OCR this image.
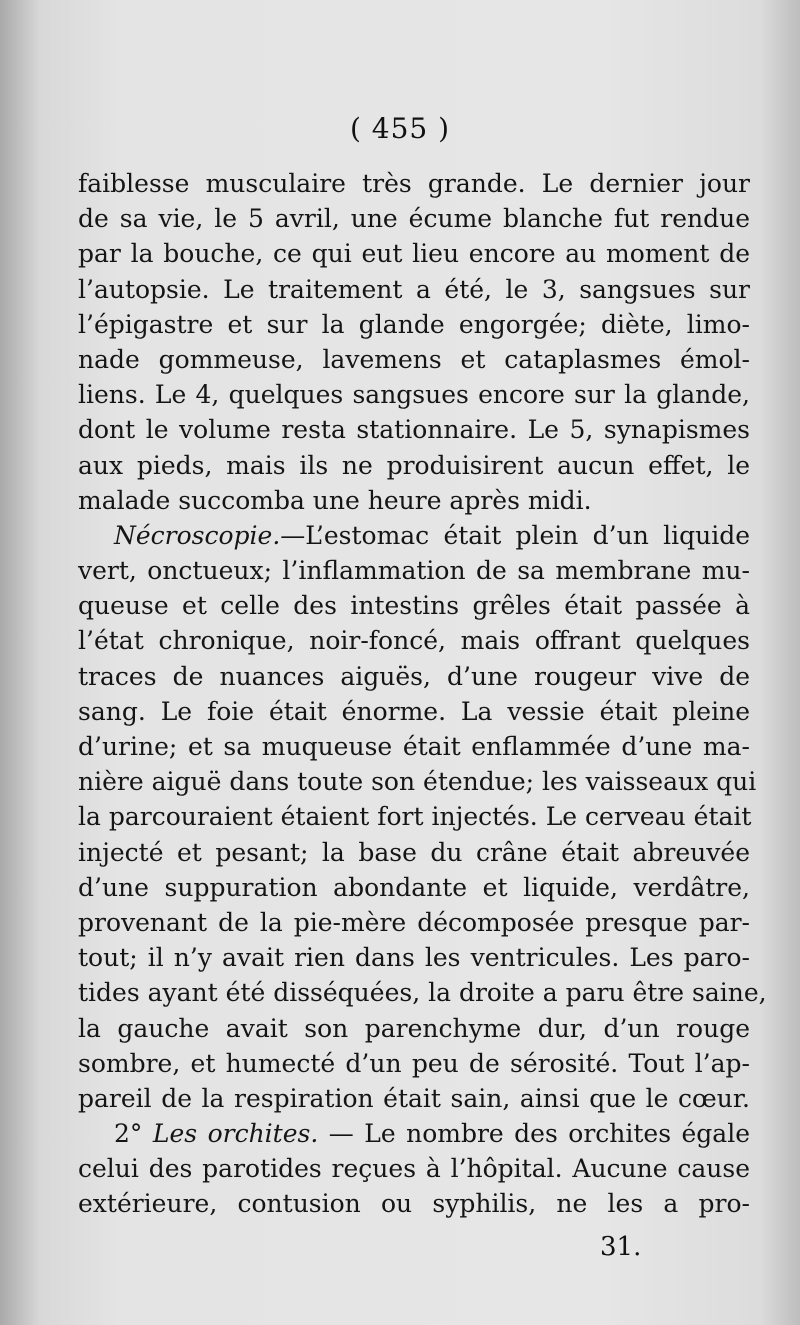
( 455 )
faiblesse musculaire très grande. Le dernier jour
de sa vie, le 5 avril, une écume blanche fut rendue
par la bouche, ce qui eut lieu encore au moment de
l’autopsie. Le traitement a été, le 3, sangsues sur
l’épigastre et sur la glande engorgée; diète, limo-
nade gommeuse, lavemens et cataplasmes émol-
liens. Le 4, quelques sangsues encore sur la glande,
dont le volume resta stationnaire. Le 5, synapismes
aux pieds, mais ils ne produisirent aucun effet, le
malade succomba une heure après midi.
Nécroscopie.—L’estomac était plein d’un liquide
vert, onctueux; l’inflammation de sa membrane mu-
queuse et celle des intestins grêles était passée à
l’état chronique, noir-foncé, mais offrant quelques
traces de nuances aiguës, d’une rougeur vive de
sang. Le foie était énorme. La vessie était pleine
d’urine; et sa muqueuse était enflammée d’une ma-
nière aiguë dans toute son étendue; les vaisseaux qui
la parcouraient étaient fort injectés. Le cerveau était
injecté et pesant; la base du crâne était abreuvée
d’une suppuration abondante et liquide, verdâtre,
provenant de la pie-mère décomposée presque par-
tout; il n’y avait rien dans les ventricules. Les paro-
tides ayant été disséquées, la droite a paru être saine,
la gauche avait son parenchyme dur, d’un rouge
sombre, et humecté d’un peu de sérosité. Tout l’ap-
pareil de la respiration était sain, ainsi que le cœur.
2° Les orchites. — Le nombre des orchites égale
celui des parotides reçues à l’hôpital. Aucune cause
extérieure, contusion ou syphilis, ne les a pro-
31.
